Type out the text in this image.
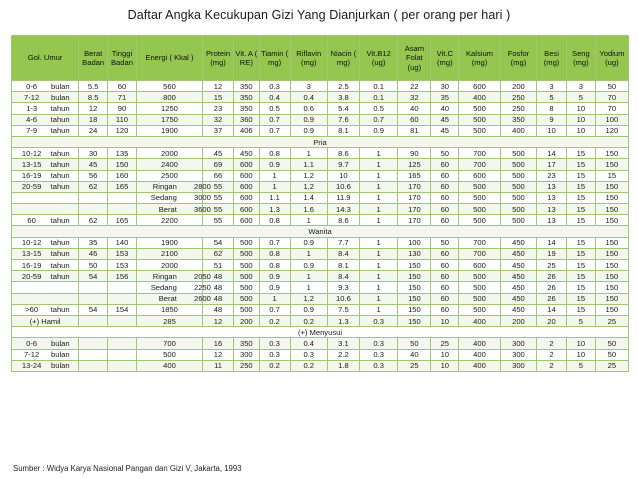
Daftar Angka Kecukupan Gizi Yang Dianjurkan ( per orang per hari )
Gol. Umur	Berat Badan	Tinggi Badan	Energi ( Kkal )	Protein (mg)	Vit. A ( RE)	Tiamin ( mg)	Riflavin (mg)	Niacin ( mg)	Vit.B12 (ug)	Asam Folat (ug)	Vit.C (mg)	Kalsium (mg)	Fosfor (mg)	Besi (mg)	Seng (mg)	Yodium (ug)
0-6 bulan	5.5	60	560	12	350	0.3	3	2.5	0.1	22	30	600	200	3	3	50
7-12 bulan	8.5	71	800	15	350	0.4	0.4	3.8	0.1	32	35	400	250	5	5	70
1-3 tahun	12	90	1250	23	350	0.5	0.6	5.4	0.5	40	40	500	250	8	10	70
4-6 tahun	18	110	1750	32	360	0.7	0.9	7.6	0.7	60	45	500	350	9	10	100
7-9 tahun	24	120	1900	37	406	0.7	0.9	8.1	0.9	81	45	500	400	10	10	120
Pria																
10-12 tahun	30	135	2000	45	450	0.8	1	8.6	1	90	50	700	500	14	15	150
13-15 tahun	45	150	2400	69	600	0.9	1.1	9.7	1	125	60	700	500	17	15	150
16-19 tahun	56	160	2500	66	600	1	1.2	10	1	165	60	600	500	23	15	15
20-59 tahun	62	165	Ringan 2800	55	600	1	1.2	10.6	1	170	60	500	500	13	15	150
			Sedang 3000	55	600	1.1	1.4	11.9	1	170	60	500	500	13	15	150
			Berat 3600	55	600	1.3	1.6	14.3	1	170	60	500	500	13	15	150
60 tahun	62	165	2200	55	600	0.8	1	8.6	1	170	60	500	500	13	15	150
Wanita																
10-12 tahun	35	140	1900	54	500	0.7	0.9	7.7	1	100	50	700	450	14	15	150
13-15 tahun	46	153	2100	62	500	0.8	1	8.4	1	130	60	700	450	19	15	150
16-19 tahun	50	153	2000	51	500	0.8	0.9	8.1	1	150	60	600	450	25	15	150
20-59 tahun	54	156	Ringan 2050	48	500	0.9	1	8.4	1	150	60	500	450	26	15	150
			Sedang 2250	48	500	0.9	1	9.3	1	150	60	500	450	26	15	150
			Berat 2600	48	500	1	1.2	10.6	1	150	60	500	450	26	15	150
>60 tahun	54	154	1850	48	500	0.7	0.9	7.5	1	150	60	500	450	14	15	150
(+) Hamil			285	12	200	0.2	0.2	1.3	0.3	150	10	400	200	20	5	25
(+) Menyusui																
0-6 bulan			700	16	350	0.3	0.4	3.1	0.3	50	25	400	300	2	10	50
7-12 bulan			500	12	300	0.3	0.3	2.2	0.3	40	10	400	300	2	10	50
13-24 bulan			400	11	250	0.2	0.2	1.8	0.3	25	10	400	300	2	5	25
Sumber : Widya Karya Nasional Pangan dan Gizi V, Jakarta, 1993
